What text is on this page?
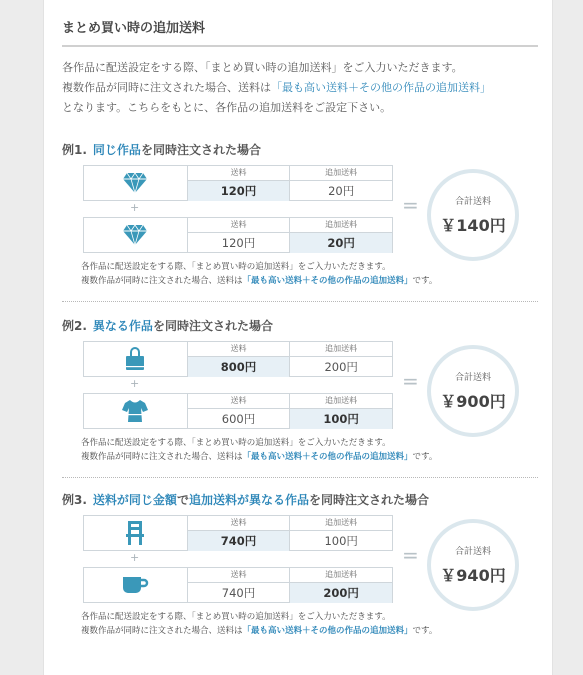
まとめ買い時の追加送料
各作品に配送設定をする際、「まとめ買い時の追加送料」をご入力いただきます。
複数作品が同時に注文された場合、送料は「最も高い送料＋その他の作品の追加送料」
となります。こちらをもとに、各作品の追加送料をご設定下さい。
例1. 同じ作品を同時注文された場合
送料
120円
追加送料
20円
送料
120円
追加送料
20円
+	=	合計送料
￥140円
各作品に配送設定をする際、「まとめ買い時の追加送料」をご入力いただきます。
複数作品が同時に注文された場合、送料は「最も高い送料＋その他の作品の追加送料」です。
例2. 異なる作品を同時注文された場合
送料
800円
追加送料
200円
送料
600円
追加送料
100円
+	=	合計送料
￥900円
各作品に配送設定をする際、「まとめ買い時の追加送料」をご入力いただきます。
複数作品が同時に注文された場合、送料は「最も高い送料＋その他の作品の追加送料」です。
例3. 送料が同じ金額で追加送料が異なる作品を同時注文された場合
送料
740円
追加送料
100円
送料
740円
追加送料
200円
+	=	合計送料
￥940円
各作品に配送設定をする際、「まとめ買い時の追加送料」をご入力いただきます。
複数作品が同時に注文された場合、送料は「最も高い送料＋その他の作品の追加送料」です。
